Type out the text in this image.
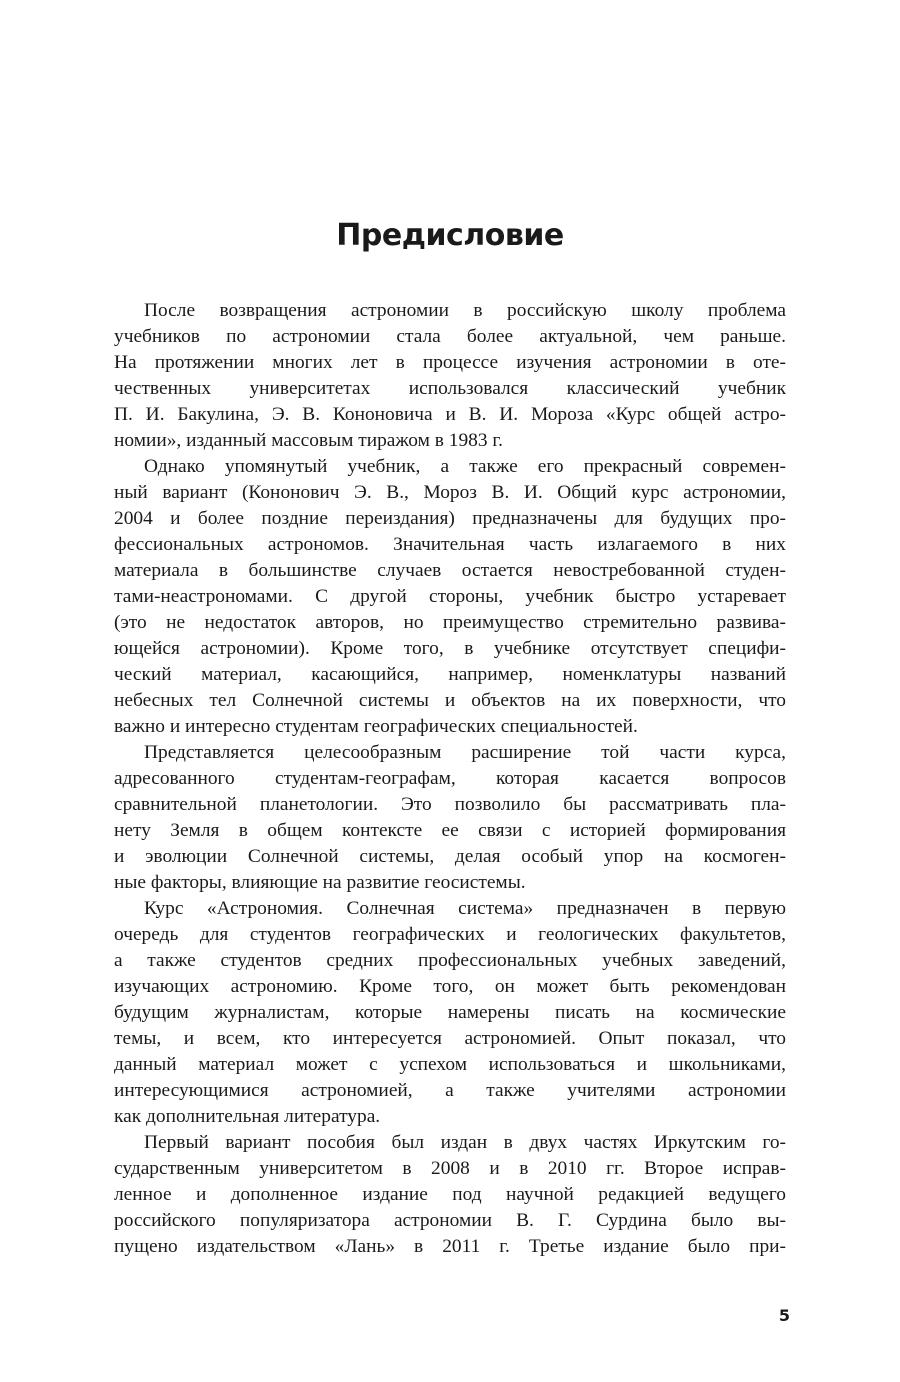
Предисловие
После возвращения астрономии в российскую школу проблема
учебников по астрономии стала более актуальной, чем раньше.
На протяжении многих лет в процессе изучения астрономии в оте-
чественных университетах использовался классический учебник
П. И. Бакулина, Э. В. Кононовича и В. И. Мороза «Курс общей астро-
номии», изданный массовым тиражом в 1983 г.
Однако упомянутый учебник, а также его прекрасный современ-
ный вариант (Кононович Э. В., Мороз В. И. Общий курс астрономии,
2004 и более поздние переиздания) предназначены для будущих про-
фессиональных астрономов. Значительная часть излагаемого в них
материала в большинстве случаев остается невостребованной студен-
тами-неастрономами. С другой стороны, учебник быстро устаревает
(это не недостаток авторов, но преимущество стремительно развива-
ющейся астрономии). Кроме того, в учебнике отсутствует специфи-
ческий материал, касающийся, например, номенклатуры названий
небесных тел Солнечной системы и объектов на их поверхности, что
важно и интересно студентам географических специальностей.
Представляется целесообразным расширение той части курса,
адресованного студентам-географам, которая касается вопросов
сравнительной планетологии. Это позволило бы рассматривать пла-
нету Земля в общем контексте ее связи с историей формирования
и эволюции Солнечной системы, делая особый упор на космоген-
ные факторы, влияющие на развитие геосистемы.
Курс «Астрономия. Солнечная система» предназначен в первую
очередь для студентов географических и геологических факультетов,
а также студентов средних профессиональных учебных заведений,
изучающих астрономию. Кроме того, он может быть рекомендован
будущим журналистам, которые намерены писать на космические
темы, и всем, кто интересуется астрономией. Опыт показал, что
данный материал может с успехом использоваться и школьниками,
интересующимися астрономией, а также учителями астрономии
как дополнительная литература.
Первый вариант пособия был издан в двух частях Иркутским го-
сударственным университетом в 2008 и в 2010 гг. Второе исправ-
ленное и дополненное издание под научной редакцией ведущего
российского популяризатора астрономии В. Г. Сурдина было вы-
пущено издательством «Лань» в 2011 г. Третье издание было при-
5
